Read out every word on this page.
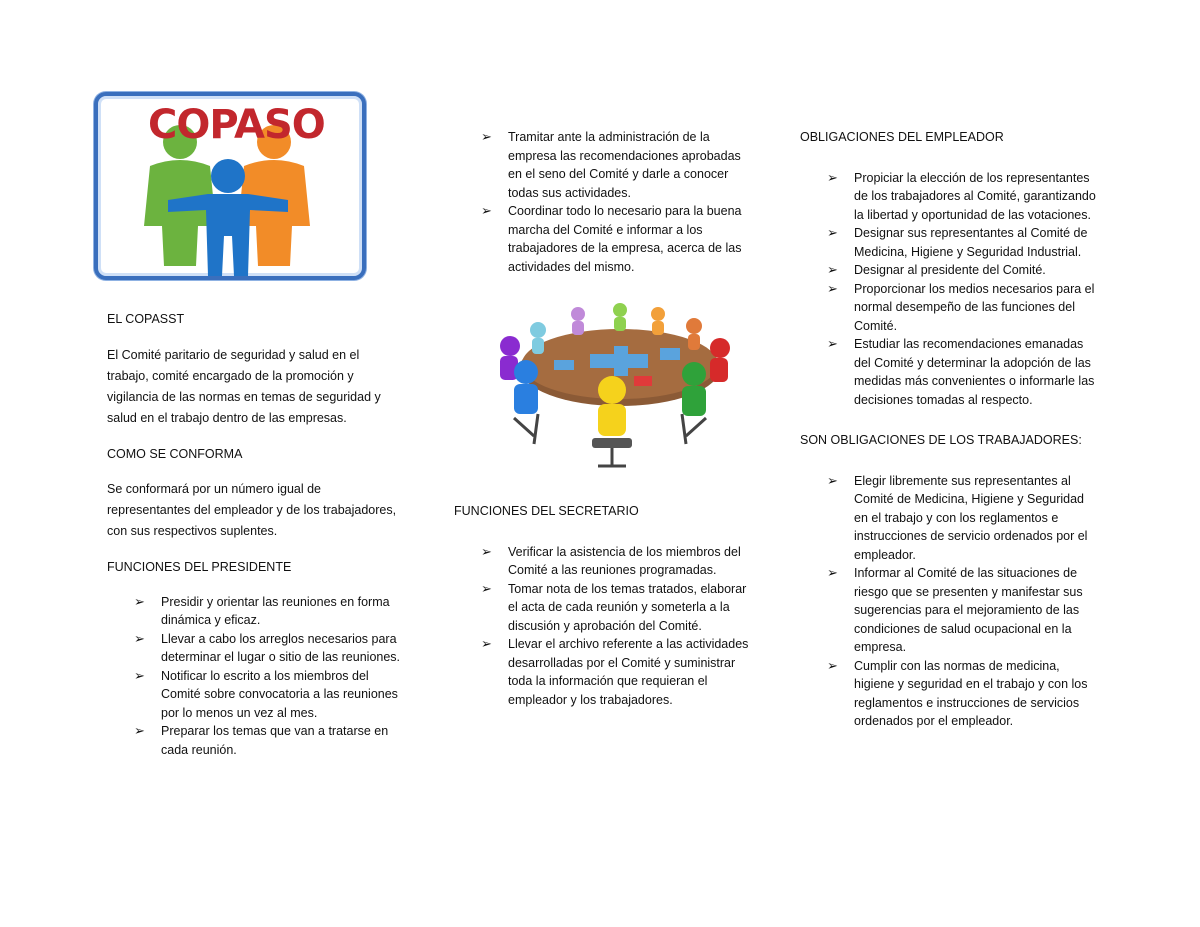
COPASO
EL COPASST
El Comité paritario de seguridad y salud en el trabajo, comité encargado de la promoción y vigilancia de las normas en temas de seguridad y salud en el trabajo dentro de las empresas.
COMO SE CONFORMA
Se conformará por un número igual de representantes del empleador y de los trabajadores, con sus respectivos suplentes.
FUNCIONES DEL PRESIDENTE
➢ Presidir y orientar las reuniones en forma dinámica y eficaz.
➢ Llevar a cabo los arreglos necesarios para determinar el lugar o sitio de las reuniones.
➢ Notificar lo escrito a los miembros del Comité sobre convocatoria a las reuniones por lo menos un vez al mes.
➢ Preparar los temas que van a tratarse en cada reunión.
➢ Tramitar ante la administración de la empresa las recomendaciones aprobadas en el seno del Comité y darle a conocer todas sus actividades.
➢ Coordinar todo lo necesario para la buena marcha del Comité e informar a los trabajadores de la empresa, acerca de las actividades del mismo.
FUNCIONES DEL SECRETARIO
➢ Verificar la asistencia de los miembros del Comité a las reuniones programadas.
➢ Tomar nota de los temas tratados, elaborar el acta de cada reunión y someterla a la discusión y aprobación del Comité.
➢ Llevar el archivo referente a las actividades desarrolladas por el Comité y suministrar toda la información que requieran el empleador y los trabajadores.
OBLIGACIONES DEL EMPLEADOR
➢ Propiciar la elección de los representantes de los trabajadores al Comité, garantizando la libertad y oportunidad de las votaciones.
➢ Designar sus representantes al Comité de Medicina, Higiene y Seguridad Industrial.
➢ Designar al presidente del Comité.
➢ Proporcionar los medios necesarios para el normal desempeño de las funciones del Comité.
➢ Estudiar las recomendaciones emanadas del Comité y determinar la adopción de las medidas más convenientes o informarle las decisiones tomadas al respecto.
SON OBLIGACIONES DE LOS TRABAJADORES:
➢ Elegir libremente sus representantes al Comité de Medicina, Higiene y Seguridad en el trabajo y con los reglamentos e instrucciones de servicio ordenados por el empleador.
➢ Informar al Comité de las situaciones de riesgo que se presenten y manifestar sus sugerencias para el mejoramiento de las condiciones de salud ocupacional en la empresa.
➢ Cumplir con las normas de medicina, higiene y seguridad en el trabajo y con los reglamentos e instrucciones de servicios ordenados por el empleador.
